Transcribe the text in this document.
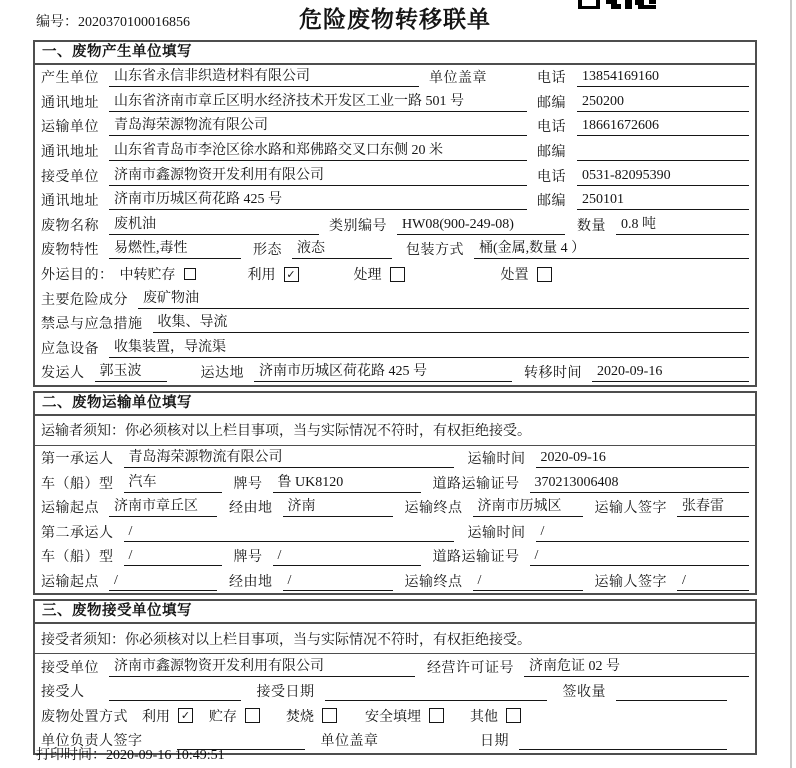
编号：2020370100016856	危险废物转移联单
一、废物产生单位填写
产生单位	山东省永信非织造材料有限公司	单位盖章	电话	13854169160
通讯地址	山东省济南市章丘区明水经济技术开发区工业一路 501 号	邮编	250200
运输单位	青岛海荣源物流有限公司	电话	18661672606
通讯地址	山东省青岛市李沧区徐水路和郑佛路交叉口东侧 20 米	邮编
接受单位	济南市鑫源物资开发利用有限公司	电话	0531-82095390
通讯地址	济南市历城区荷花路 425 号	邮编	250101
废物名称	废机油	类别编号	HW08(900-249-08)	数量	0.8 吨
废物特性	易燃性,毒性	形态	液态	包装方式	桶(金属,数量 4 ）
外运目的： 中转贮存	利用 ✓	处理	处置
主要危险成分	废矿物油
禁忌与应急措施	收集、导流
应急设备	收集装置，导流渠
发运人	郭玉波	运达地	济南市历城区荷花路 425 号	转移时间	2020-09-16
二、废物运输单位填写
运输者须知：你必须核对以上栏目事项，当与实际情况不符时，有权拒绝接受。
第一承运人	青岛海荣源物流有限公司	运输时间	2020-09-16
车（船）型	汽车	牌号	鲁 UK8120	道路运输证号	370213006408
运输起点	济南市章丘区	经由地	济南	运输终点	济南市历城区	运输人签字	张春雷
第二承运人	/	运输时间	/
车（船）型	/	牌号	/	道路运输证号	/
运输起点	/	经由地	/	运输终点	/	运输人签字	/
三、废物接受单位填写
接受者须知：你必须核对以上栏目事项，当与实际情况不符时，有权拒绝接受。
接受单位	济南市鑫源物资开发利用有限公司	经营许可证号	济南危证 02 号
接受人	接受日期	签收量
废物处置方式 利用 ✓ 贮存	焚烧	安全填埋	其他
单位负责人签字	单位盖章	日期
打印时间：2020-09-16 10:49:51
